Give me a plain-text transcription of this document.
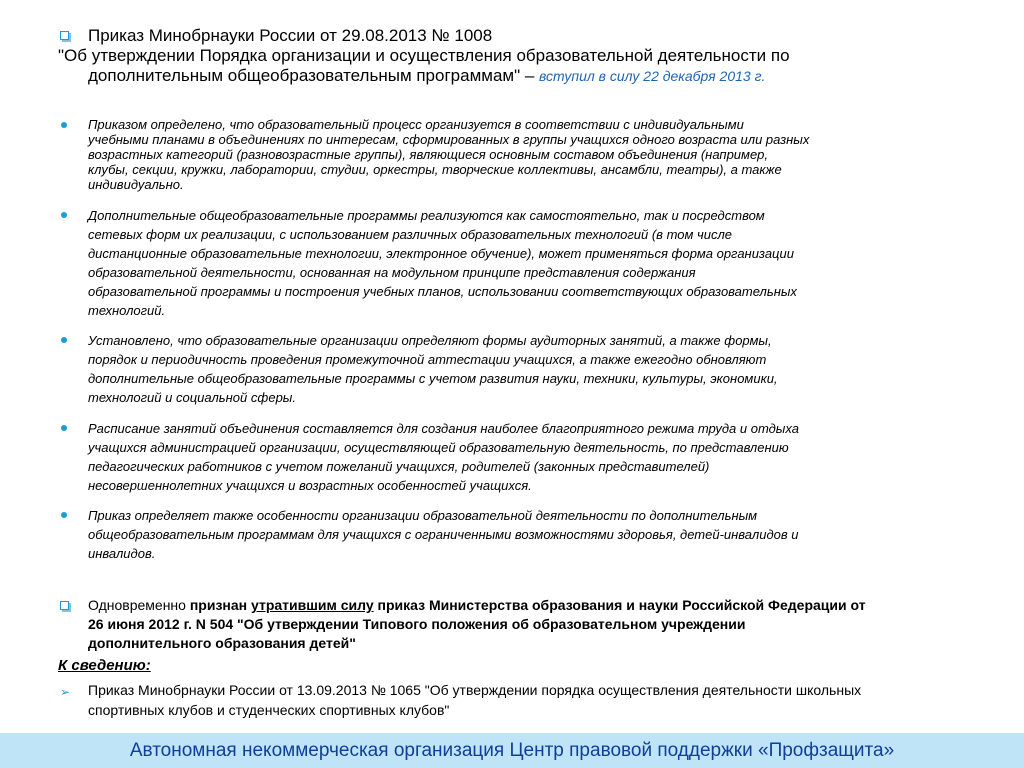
Приказ Минобрнауки России от 29.08.2013 № 1008
"Об утверждении Порядка организации и осуществления образовательной деятельности по
дополнительным общеобразовательным программам" – вступил в силу 22 декабря 2013 г.
Приказом определено, что образовательный процесс организуется в соответствии с индивидуальными
учебными планами в объединениях по интересам, сформированных в группы учащихся одного возраста или разных
возрастных категорий (разновозрастные группы), являющиеся основным составом объединения (например,
клубы, секции, кружки, лаборатории, студии, оркестры, творческие коллективы, ансамбли, театры), а также
индивидуально.
Дополнительные общеобразовательные программы реализуются как самостоятельно, так и посредством
сетевых форм их реализации, с использованием различных образовательных технологий (в том числе
дистанционные образовательные технологии, электронное обучение), может применяться форма организации
образовательной деятельности, основанная на модульном принципе представления содержания
образовательной программы и построения учебных планов, использовании соответствующих образовательных
технологий.
Установлено, что образовательные организации определяют формы аудиторных занятий, а также формы,
порядок и периодичность проведения промежуточной аттестации учащихся, а также ежегодно обновляют
дополнительные общеобразовательные программы с учетом развития науки, техники, культуры, экономики,
технологий и социальной сферы.
Расписание занятий объединения составляется для создания наиболее благоприятного режима труда и отдыха
учащихся администрацией организации, осуществляющей образовательную деятельность, по представлению
педагогических работников с учетом пожеланий учащихся, родителей (законных представителей)
несовершеннолетних учащихся и возрастных особенностей учащихся.
Приказ определяет также особенности организации образовательной деятельности по дополнительным
общеобразовательным программам для учащихся с ограниченными возможностями здоровья, детей-инвалидов и
инвалидов.
Одновременно признан утратившим силу приказ Министерства образования и науки Российской Федерации от
26 июня 2012 г. N 504 "Об утверждении Типового положения об образовательном учреждении
дополнительного образования детей"
К сведению:
➢ Приказ Минобрнауки России от 13.09.2013 № 1065 "Об утверждении порядка осуществления деятельности школьных
спортивных клубов и студенческих спортивных клубов"
Автономная некоммерческая организация Центр правовой поддержки «Профзащита»
